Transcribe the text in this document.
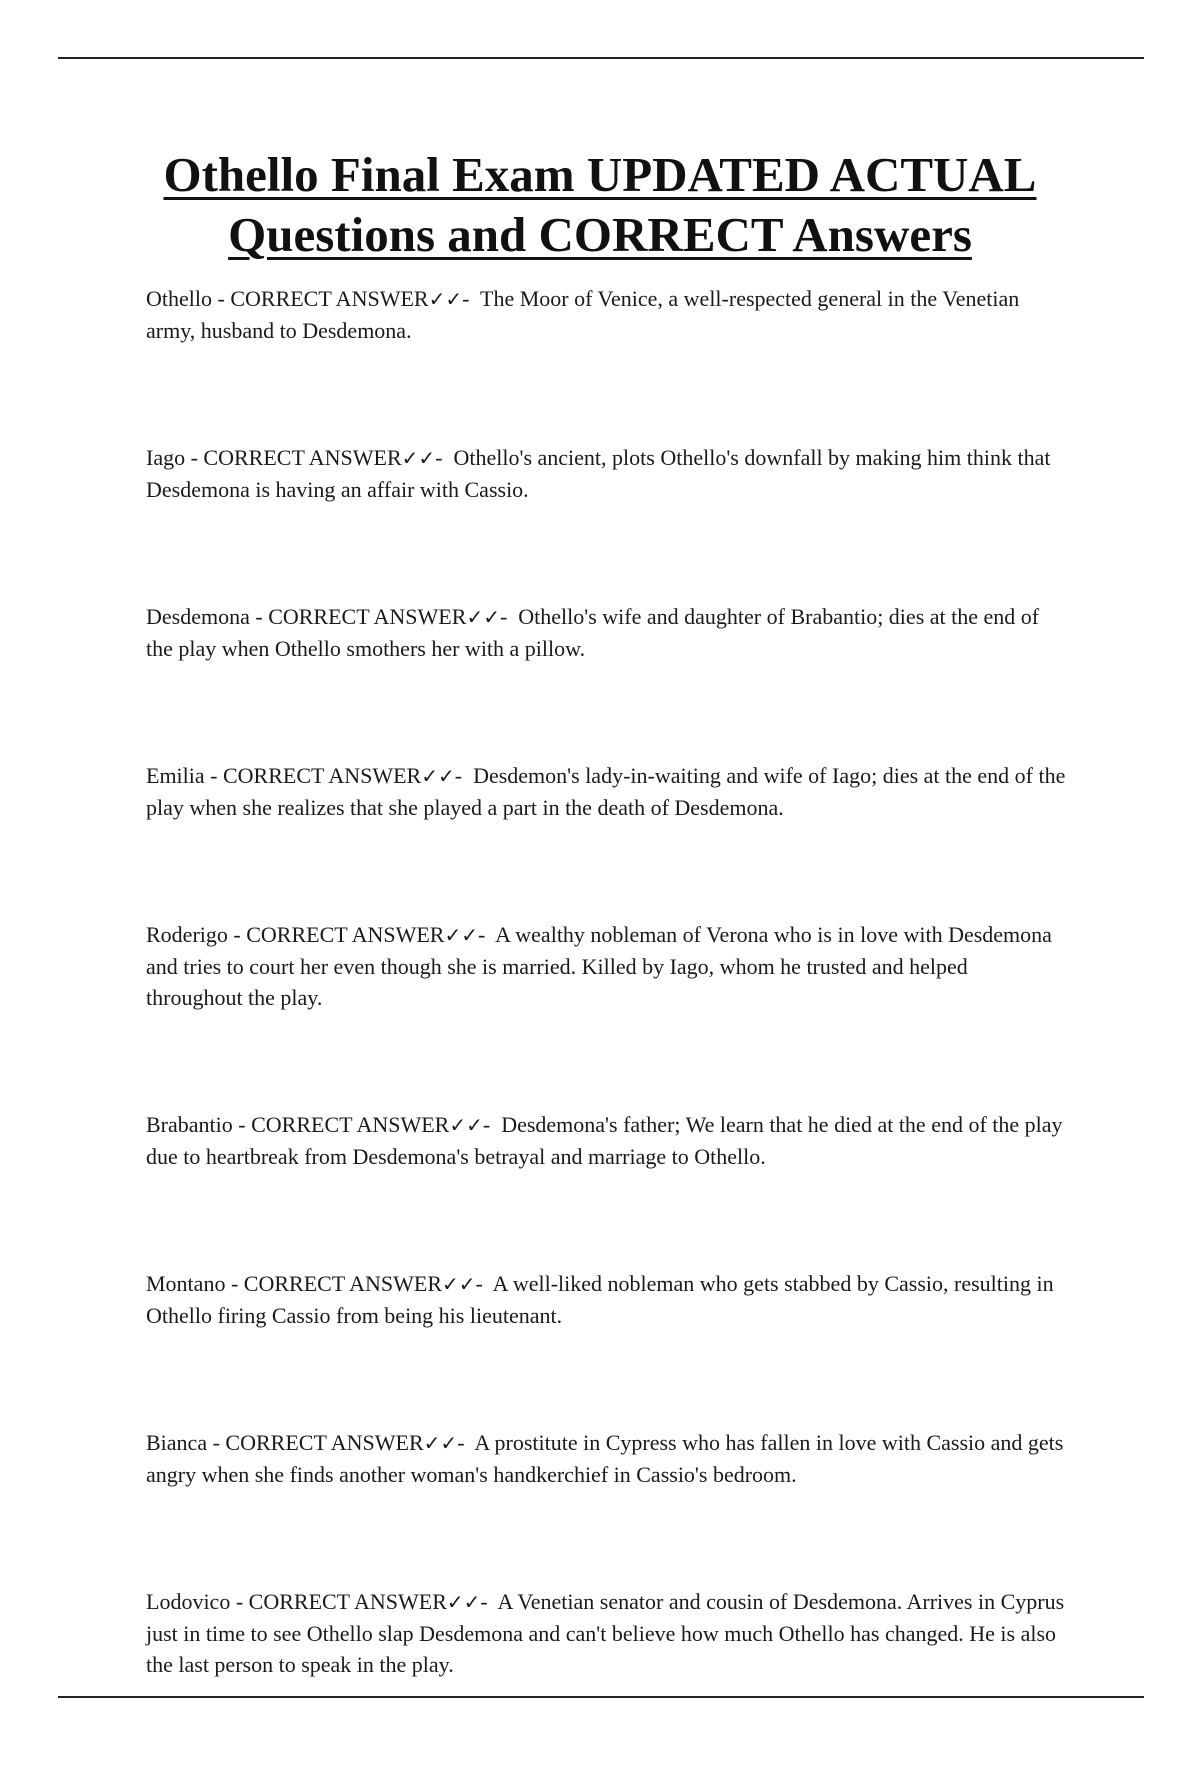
Othello Final Exam UPDATED ACTUAL
Questions and CORRECT Answers

Othello - CORRECT ANSWER✓✓-  The Moor of Venice, a well-respected general in the Venetian army, husband to Desdemona.

Iago - CORRECT ANSWER✓✓-  Othello's ancient, plots Othello's downfall by making him think that Desdemona is having an affair with Cassio.

Desdemona - CORRECT ANSWER✓✓-  Othello's wife and daughter of Brabantio; dies at the end of the play when Othello smothers her with a pillow.

Emilia - CORRECT ANSWER✓✓-  Desdemon's lady-in-waiting and wife of Iago; dies at the end of the play when she realizes that she played a part in the death of Desdemona.

Roderigo - CORRECT ANSWER✓✓-  A wealthy nobleman of Verona who is in love with Desdemona and tries to court her even though she is married. Killed by Iago, whom he trusted and helped throughout the play.

Brabantio - CORRECT ANSWER✓✓-  Desdemona's father; We learn that he died at the end of the play due to heartbreak from Desdemona's betrayal and marriage to Othello.

Montano - CORRECT ANSWER✓✓-  A well-liked nobleman who gets stabbed by Cassio, resulting in Othello firing Cassio from being his lieutenant.

Bianca - CORRECT ANSWER✓✓-  A prostitute in Cypress who has fallen in love with Cassio and gets angry when she finds another woman's handkerchief in Cassio's bedroom.

Lodovico - CORRECT ANSWER✓✓-  A Venetian senator and cousin of Desdemona. Arrives in Cyprus just in time to see Othello slap Desdemona and can't believe how much Othello has changed. He is also the last person to speak in the play.
